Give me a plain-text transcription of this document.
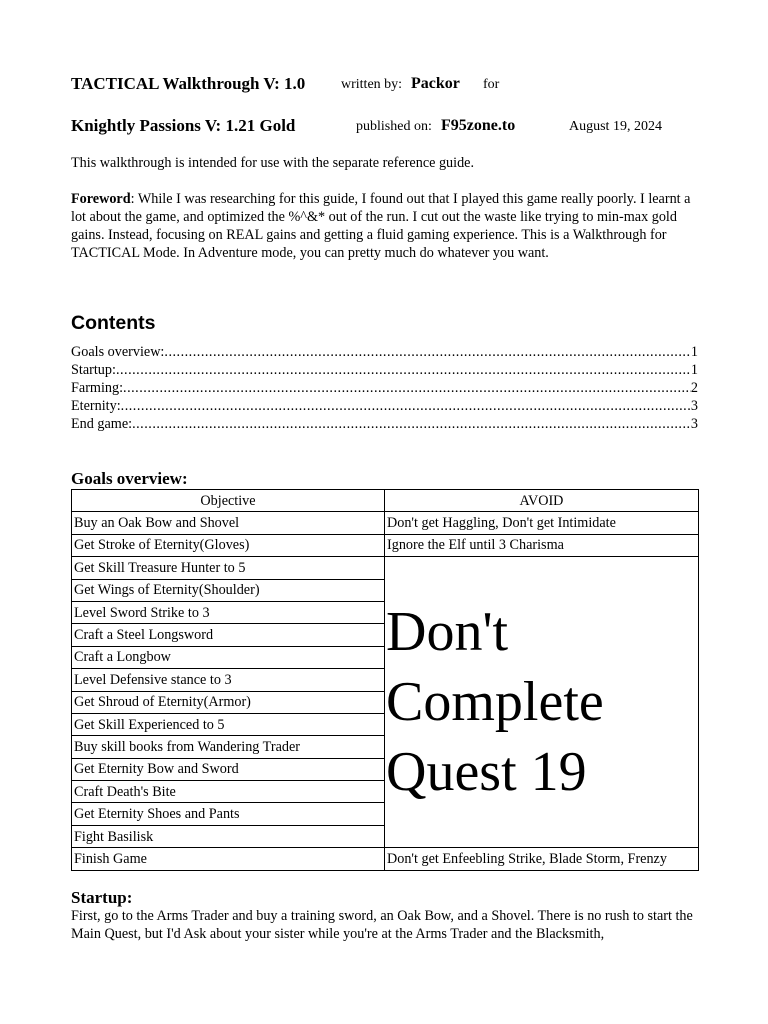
TACTICAL Walkthrough V: 1.0	written by: Packor for
Knightly Passions V: 1.21 Gold	published on: F95zone.to	August 19, 2024
This walkthrough is intended for use with the separate reference guide.
Foreword: While I was researching for this guide, I found out that I played this game really poorly. I learnt a lot about the game, and optimized the %^&* out of the run. I cut out the waste like trying to min-max gold gains. Instead, focusing on REAL gains and getting a fluid gaming experience. This is a Walkthrough for TACTICAL Mode. In Adventure mode, you can pretty much do whatever you want.
Contents
Goals overview: .....	1
Startup: .....	1
Farming: .....	2
Eternity: .....	3
End game: .....	3
Goals overview:
Objective	AVOID
Buy an Oak Bow and Shovel	Don't get Haggling, Don't get Intimidate
Get Stroke of Eternity(Gloves)	Ignore the Elf until 3 Charisma
Get Skill Treasure Hunter to 5	Don't Complete Quest 19
Get Wings of Eternity(Shoulder)	
Level Sword Strike to 3	
Craft a Steel Longsword	
Craft a Longbow	
Level Defensive stance to 3	
Get Shroud of Eternity(Armor)	
Get Skill Experienced to 5	
Buy skill books from Wandering Trader	
Get Eternity Bow and Sword	
Craft Death's Bite	
Get Eternity Shoes and Pants	
Fight Basilisk	
Finish Game	Don't get Enfeebling Strike, Blade Storm, Frenzy
Startup:
First, go to the Arms Trader and buy a training sword, an Oak Bow, and a Shovel. There is no rush to start the Main Quest, but I'd Ask about your sister while you're at the Arms Trader and the Blacksmith,
